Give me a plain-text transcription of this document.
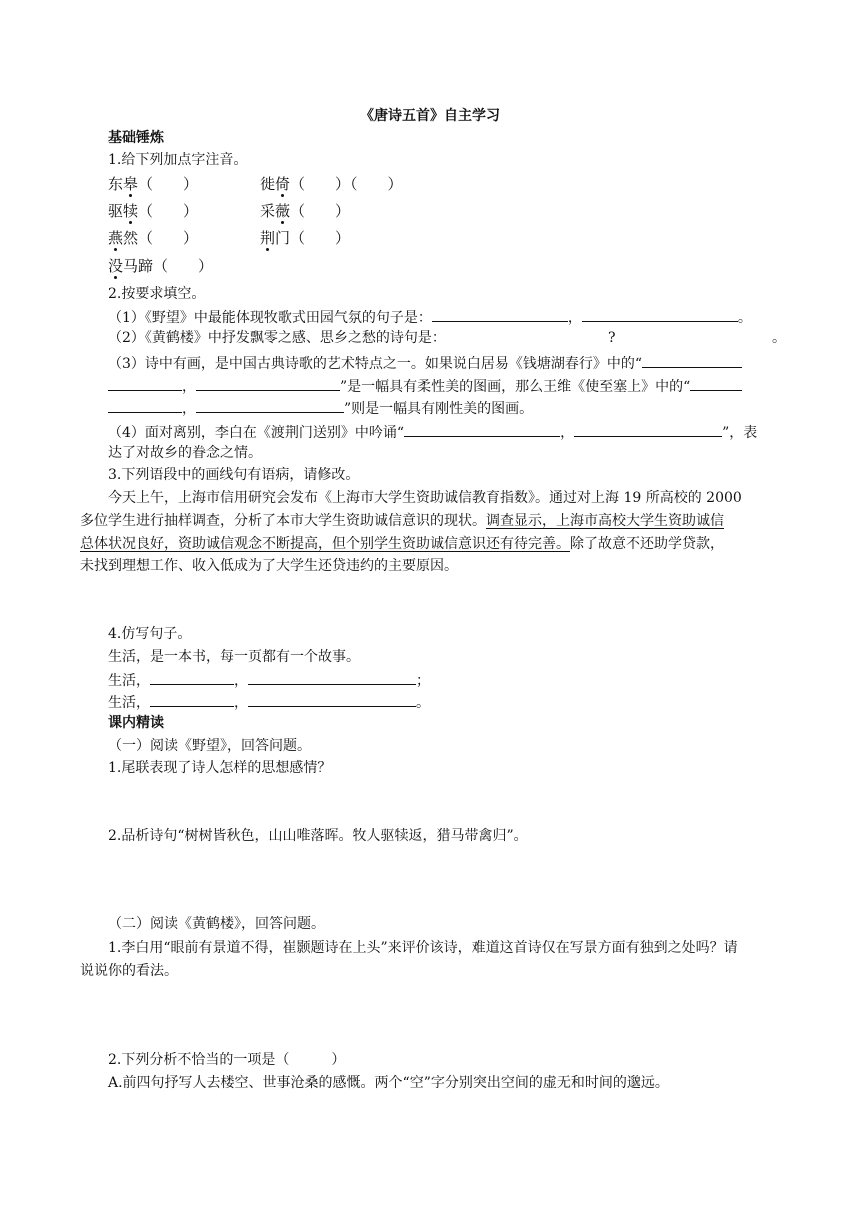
《唐诗五首》自主学习
基础锤炼
1.给下列加点字注音。
东皋（　　）	徙倚（　　）（　　）
驱犊（　　）	采薇（　　）
燕然（　　）	荆门（　　）
没马蹄（　　）
2.按要求填空。
（1）《野望》中最能体现牧歌式田园气氛的句子是：	，	。
（2）《黄鹤楼》中抒发飘零之感、思乡之愁的诗句是：	?	。
（3）诗中有画，是中国古典诗歌的艺术特点之一。如果说白居易《钱塘湖春行》中的“
，	”是一幅具有柔性美的图画，那么王维《使至塞上》中的“
，	”则是一幅具有刚性美的图画。
（4）面对离别，李白在《渡荆门送别》中吟诵“	，	”，表
达了对故乡的眷念之情。
3.下列语段中的画线句有语病，请修改。
今天上午，上海市信用研究会发布《上海市大学生资助诚信教育指数》。通过对上海 19 所高校的 2000
多位学生进行抽样调查，分析了本市大学生资助诚信意识的现状。调查显示，上海市高校大学生资助诚信
总体状况良好，资助诚信观念不断提高，但个别学生资助诚信意识还有待完善。除了故意不还助学贷款，
未找到理想工作、收入低成为了大学生还贷违约的主要原因。
4.仿写句子。
生活，是一本书，每一页都有一个故事。
生活，	，	；
生活，	，	。
课内精读
（一）阅读《野望》，回答问题。
1.尾联表现了诗人怎样的思想感情？
2.品析诗句“树树皆秋色，山山唯落晖。牧人驱犊返，猎马带禽归”。
（二）阅读《黄鹤楼》，回答问题。
1.李白用“眼前有景道不得，崔颢题诗在上头”来评价该诗，难道这首诗仅在写景方面有独到之处吗？请
说说你的看法。
2.下列分析不恰当的一项是（　　　）
A.前四句抒写人去楼空、世事沧桑的感慨。两个“空”字分别突出空间的虚无和时间的邈远。
